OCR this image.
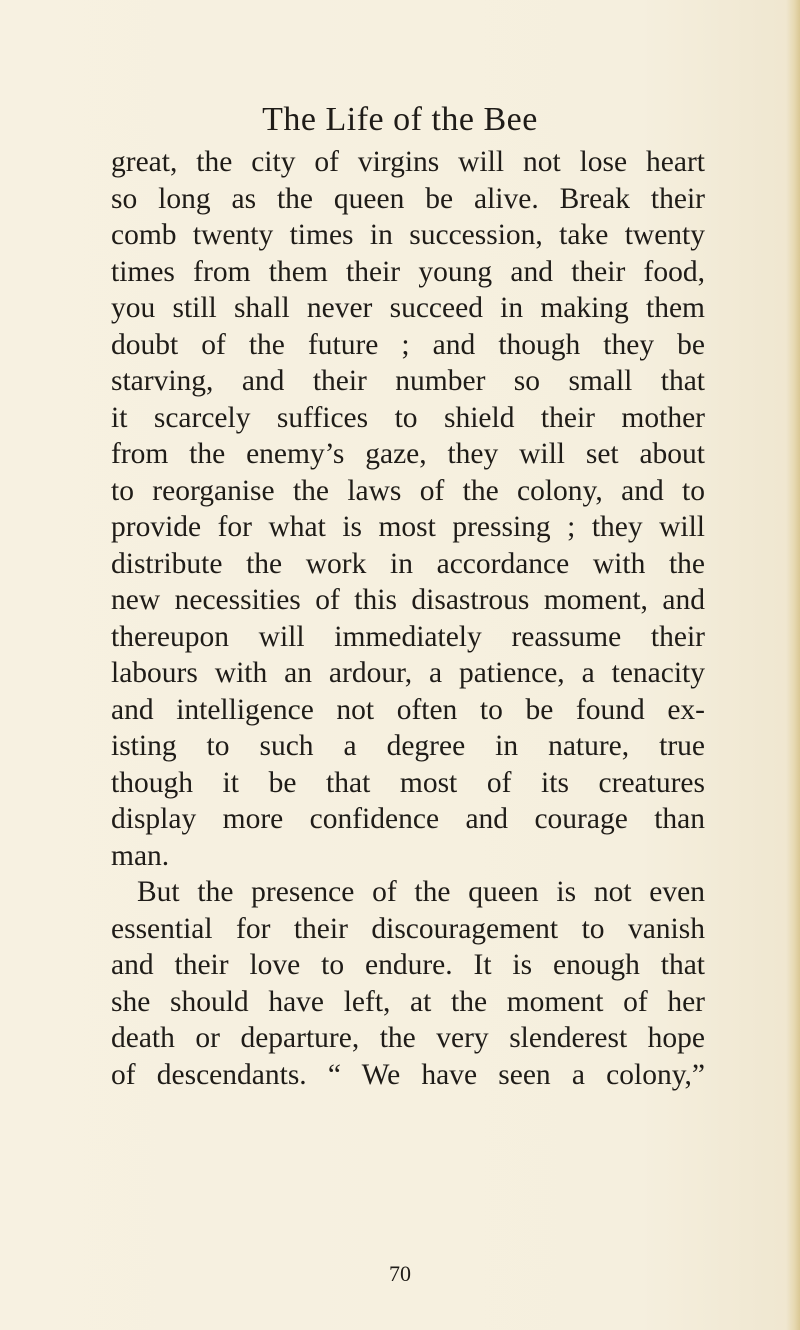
The Life of the Bee
great, the city of virgins will not lose heart
so long as the queen be alive. Break their
comb twenty times in succession, take twenty
times from them their young and their food,
you still shall never succeed in making them
doubt of the future ; and though they be
starving, and their number so small that
it scarcely suffices to shield their mother
from the enemy’s gaze, they will set about
to reorganise the laws of the colony, and to
provide for what is most pressing ; they will
distribute the work in accordance with the
new necessities of this disastrous moment, and
thereupon will immediately reassume their
labours with an ardour, a patience, a tenacity
and intelligence not often to be found ex-
isting to such a degree in nature, true
though it be that most of its creatures
display more confidence and courage than
man.
But the presence of the queen is not even
essential for their discouragement to vanish
and their love to endure. It is enough that
she should have left, at the moment of her
death or departure, the very slenderest hope
of descendants. “ We have seen a colony,”
70
